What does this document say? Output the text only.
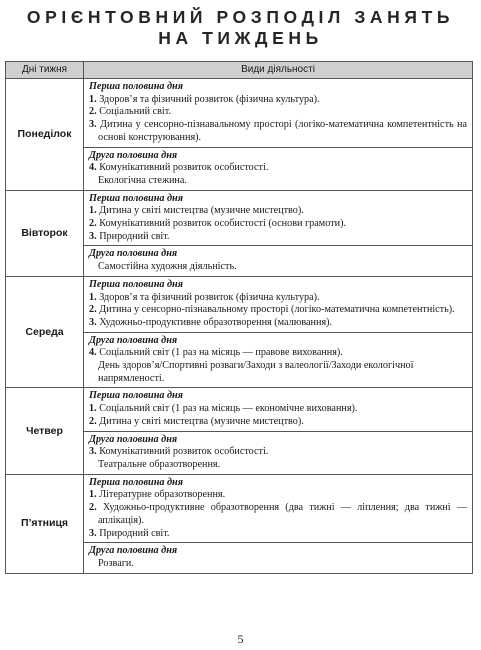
ОРІЄНТОВНИЙ РОЗПОДІЛ ЗАНЯТЬ
НА ТИЖДЕНЬ
Дні тижня	Види діяльності
Понеділок	Перша половина дня
1. Здоров’я та фізичний розвиток (фізична культура).
2. Соціальний світ.
3. Дитина у сенсорно-пізнавальному просторі (логіко-математична компетентність на основі конструювання).

	Друга половина дня
4. Комунікативний розвиток особистості.
Екологічна стежина.

Вівторок	Перша половина дня
1. Дитина у світі мистецтва (музичне мистецтво).
2. Комунікативний розвиток особистості (основи грамоти).
3. Природний світ.

	Друга половина дня
Самостійна художня діяльність.

Середа	Перша половина дня
1. Здоров’я та фізичний розвиток (фізична культура).
2. Дитина у сенсорно-пізнавальному просторі (логіко-математична компетентність).
3. Художньо-продуктивне образотворення (малювання).

	Друга половина дня
4. Соціальний світ (1 раз на місяць — правове виховання).
День здоров’я/Спортивні розваги/Заходи з валеології/Заходи екологічної напрямленості.

Четвер	Перша половина дня
1. Соціальний світ (1 раз на місяць — економічне виховання).
2. Дитина у світі мистецтва (музичне мистецтво).

	Друга половина дня
3. Комунікативний розвиток особистості.
Театральне образотворення.

П’ятниця	Перша половина дня
1. Літературне образотворення.
2. Художньо-продуктивне образотворення (два тижні — ліплення; два тижні — аплікація).
3. Природний світ.

	Друга половина дня
Розваги.
5
